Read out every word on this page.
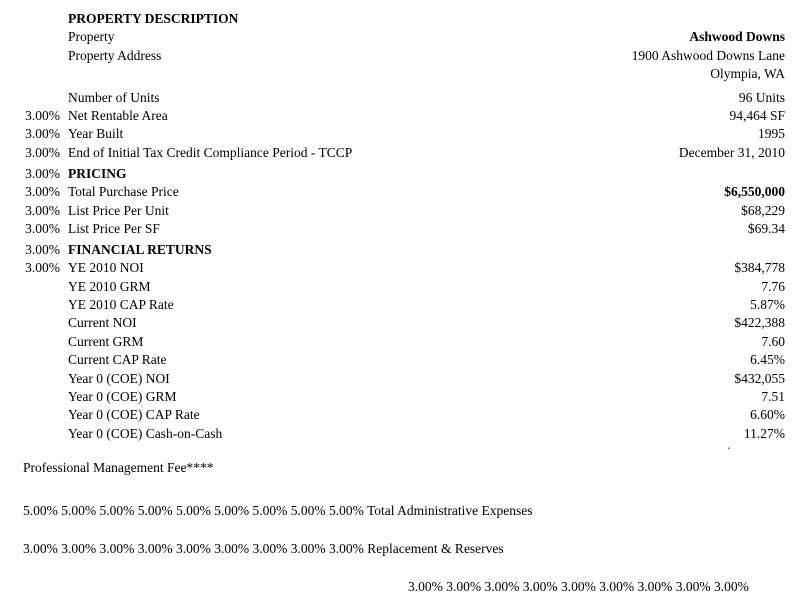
PROPERTY DESCRIPTION
Property	Ashwood Downs
Property Address	1900 Ashwood Downs Lane
Olympia, WA
Number of Units	96 Units
3.00% Net Rentable Area	94,464 SF
3.00% Year Built	1995
3.00% End of Initial Tax Credit Compliance Period - TCCP	December 31, 2010
3.00% PRICING
3.00% Total Purchase Price	$6,550,000
3.00% List Price Per Unit	$68,229
3.00% List Price Per SF	$69.34
3.00% FINANCIAL RETURNS
3.00% YE 2010 NOI	$384,778
YE 2010 GRM	7.76
YE 2010 CAP Rate	5.87%
Current NOI	$422,388
Current GRM	7.60
Current CAP Rate	6.45%
Year 0 (COE) NOI	$432,055
Year 0 (COE) GRM	7.51
Year 0 (COE) CAP Rate	6.60%
Year 0 (COE) Cash-on-Cash	11.27%
.
Professional Management Fee****
5.00% 5.00% 5.00% 5.00% 5.00% 5.00% 5.00% 5.00% 5.00% Total Administrative Expenses
3.00% 3.00% 3.00% 3.00% 3.00% 3.00% 3.00% 3.00% 3.00% Replacement & Reserves
3.00% 3.00% 3.00% 3.00% 3.00% 3.00% 3.00% 3.00% 3.00%
